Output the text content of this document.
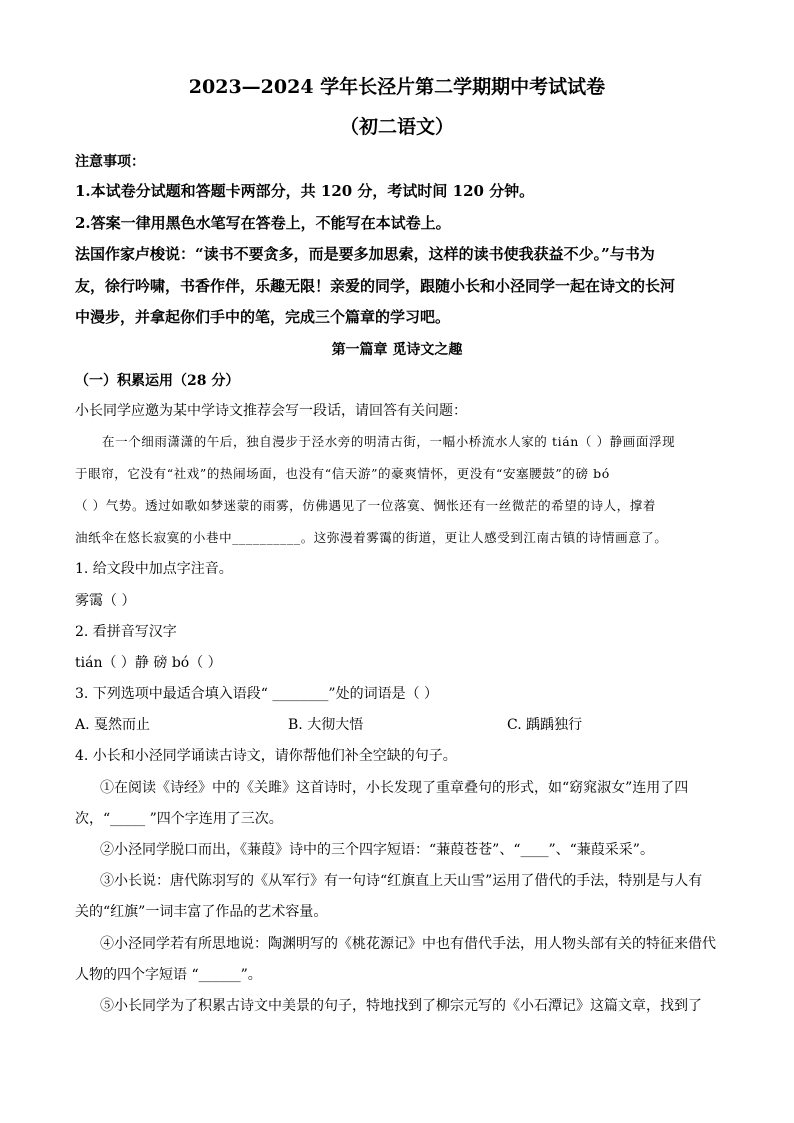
2023—2024 学年长泾片第二学期期中考试试卷
（初二语文）
注意事项：
1.本试卷分试题和答题卡两部分，共 120 分，考试时间 120 分钟。
2.答案一律用黑色水笔写在答卷上，不能写在本试卷上。
法国作家卢梭说：“读书不要贪多，而是要多加思索，这样的读书使我获益不少。”与书为
友，徐行吟啸，书香作伴，乐趣无限！亲爱的同学，跟随小长和小泾同学一起在诗文的长河
中漫步，并拿起你们手中的笔，完成三个篇章的学习吧。
第一篇章 觅诗文之趣
（一）积累运用（28 分）
小长同学应邀为某中学诗文推荐会写一段话，请回答有关问题：
在一个细雨潇潇的午后，独自漫步于泾水旁的明清古街，一幅小桥流水人家的 tián（ ）静画面浮现
于眼帘，它没有“社戏”的热闹场面，也没有“信天游”的豪爽情怀，更没有“安塞腰鼓”的磅 bó
（ ）气势。透过如歌如梦迷蒙的雨雾，仿佛遇见了一位落寞、惆怅还有一丝微茫的希望的诗人，撑着
油纸伞在悠长寂寞的小巷中__________。这弥漫着雾霭的街道，更让人感受到江南古镇的诗情画意了。
1. 给文段中加点字注音。
雾霭（ ）
2. 看拼音写汉字
tián（ ）静 磅 bó（ ）
3. 下列选项中最适合填入语段“ ________”处的词语是（ ）
A. 戛然而止	B. 大彻大悟	C. 踽踽独行
4. 小长和小泾同学诵读古诗文，请你帮他们补全空缺的句子。
①在阅读《诗经》中的《关雎》这首诗时，小长发现了重章叠句的形式，如“窈窕淑女”连用了四
次，“_____ ”四个字连用了三次。
②小泾同学脱口而出，《蒹葭》诗中的三个四字短语：“蒹葭苍苍”、“____”、“蒹葭采采”。
③小长说：唐代陈羽写的《从军行》有一句诗“红旗直上天山雪”运用了借代的手法，特别是与人有
关的“红旗”一词丰富了作品的艺术容量。
④小泾同学若有所思地说：陶渊明写的《桃花源记》中也有借代手法，用人物头部有关的特征来借代
人物的四个字短语 “______”。
⑤小长同学为了积累古诗文中美景的句子，特地找到了柳宗元写的《小石潭记》这篇文章，找到了
